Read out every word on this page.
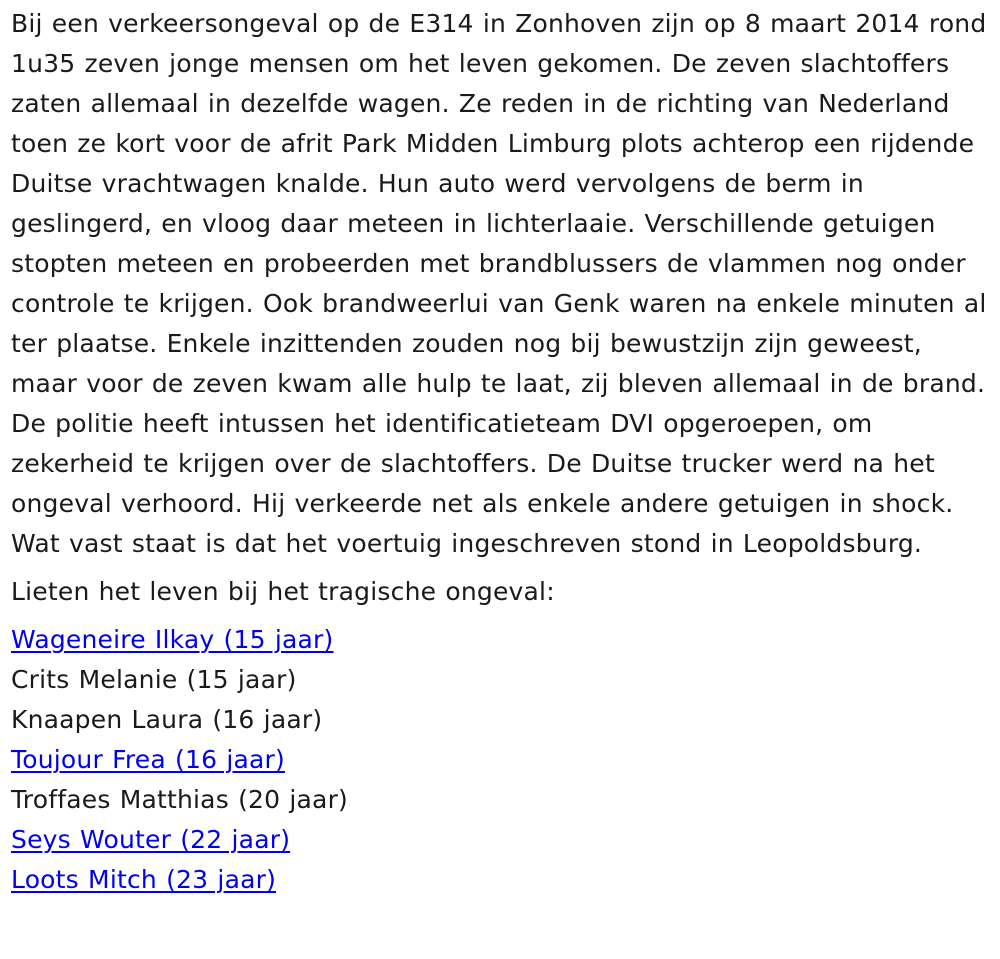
Bij een verkeersongeval op de E314 in Zonhoven zijn op 8 maart 2014 rond 1u35 zeven jonge mensen om het leven gekomen. De zeven slachtoffers zaten allemaal in dezelfde wagen. Ze reden in de richting van Nederland toen ze kort voor de afrit Park Midden Limburg plots achterop een rijdende Duitse vrachtwagen knalde. Hun auto werd vervolgens de berm in geslingerd, en vloog daar meteen in lichterlaaie. Verschillende getuigen stopten meteen en probeerden met brandblussers de vlammen nog onder controle te krijgen. Ook brandweerlui van Genk waren na enkele minuten al ter plaatse. Enkele inzittenden zouden nog bij bewustzijn zijn geweest, maar voor de zeven kwam alle hulp te laat, zij bleven allemaal in de brand. De politie heeft intussen het identificatieteam DVI opgeroepen, om zekerheid te krijgen over de slachtoffers. De Duitse trucker werd na het ongeval verhoord. Hij verkeerde net als enkele andere getuigen in shock. Wat vast staat is dat het voertuig ingeschreven stond in Leopoldsburg.

Lieten het leven bij het tragische ongeval:

Wageneire Ilkay (15 jaar)
Crits Melanie (15 jaar)
Knaapen Laura (16 jaar)
Toujour Frea (16 jaar)
Troffaes Matthias (20 jaar)
Seys Wouter (22 jaar)
Loots Mitch (23 jaar)
